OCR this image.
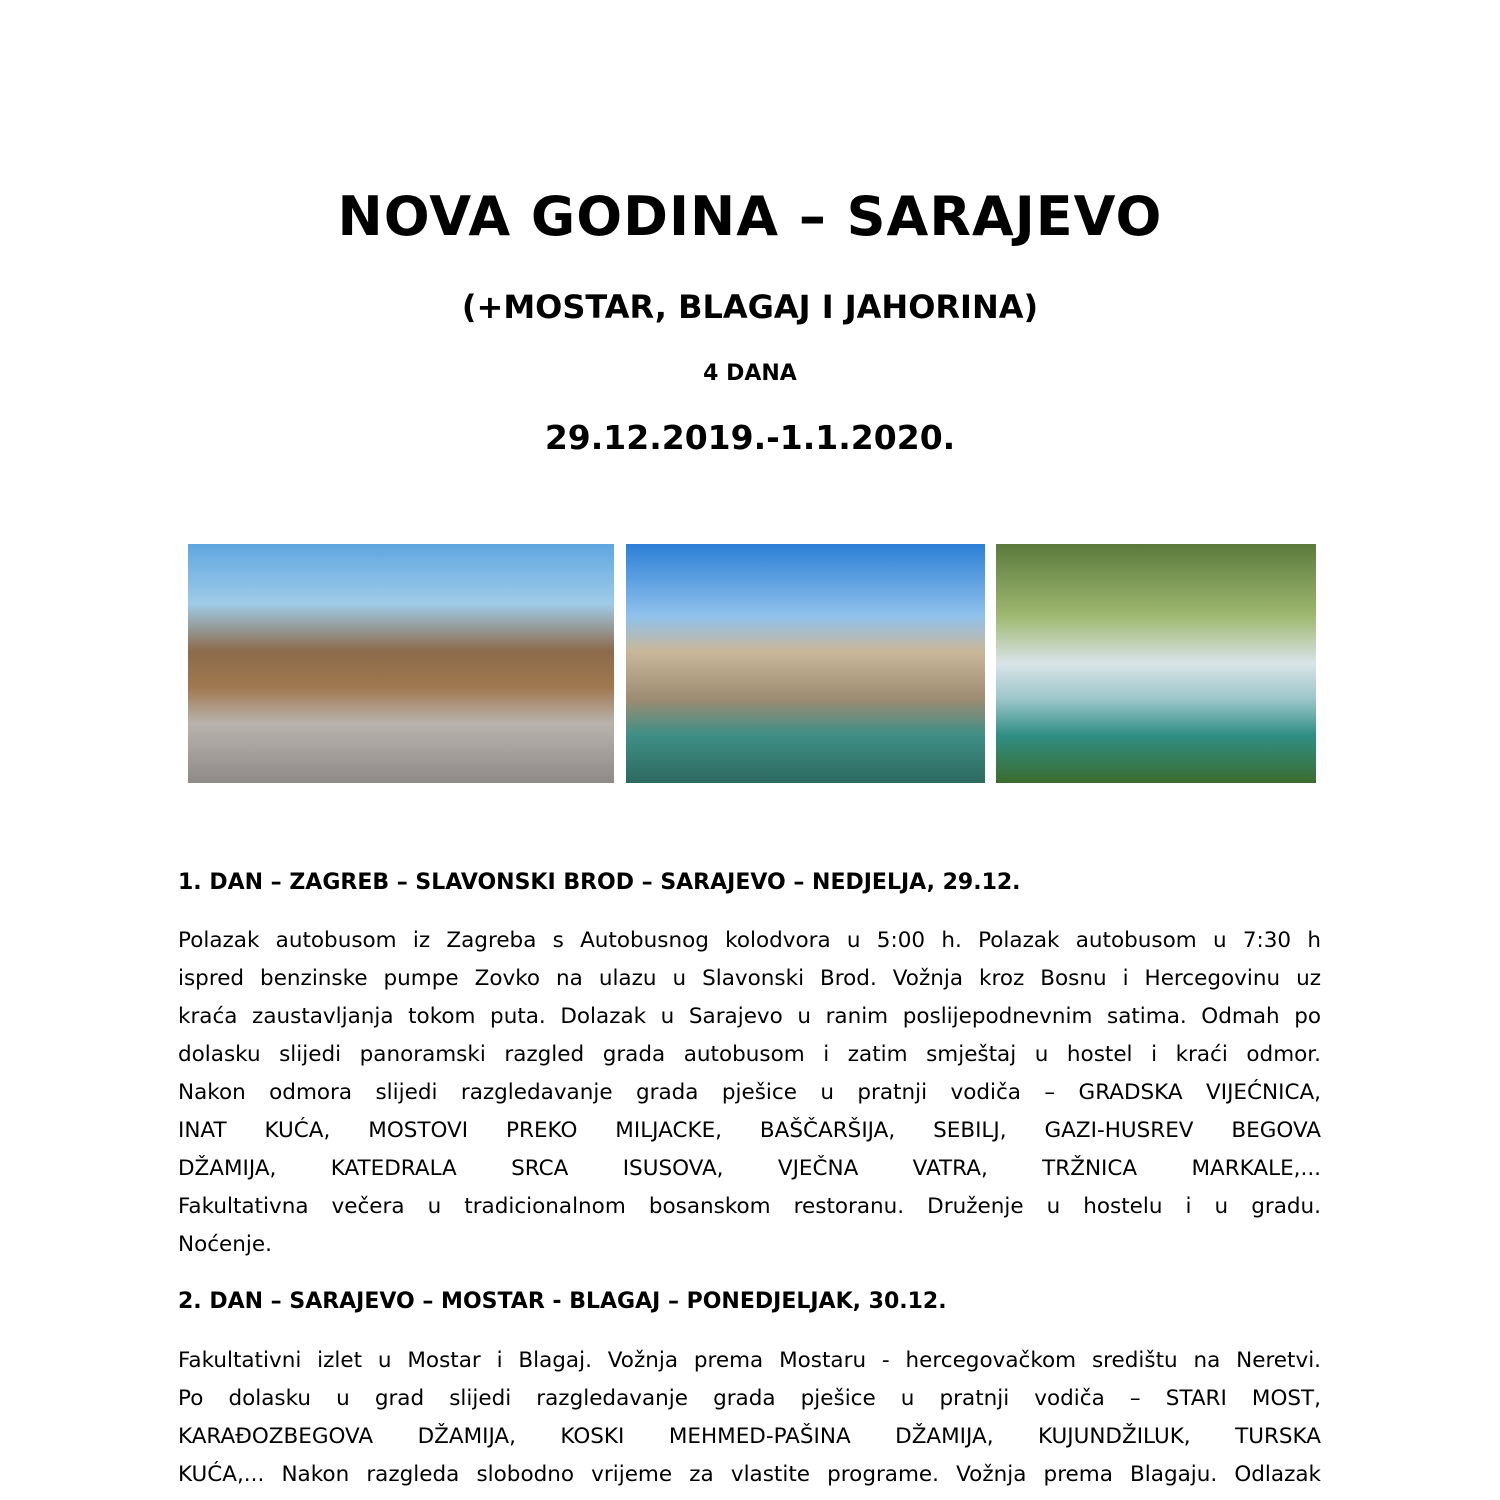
NOVA GODINA – SARAJEVO
(+MOSTAR, BLAGAJ I JAHORINA)
4 DANA
29.12.2019.-1.1.2020.
1. DAN – ZAGREB – SLAVONSKI BROD – SARAJEVO – NEDJELJA, 29.12.
Polazak autobusom iz Zagreba s Autobusnog kolodvora u 5:00 h. Polazak autobusom u 7:30 h
ispred benzinske pumpe Zovko na ulazu u Slavonski Brod. Vožnja kroz Bosnu i Hercegovinu uz
kraća zaustavljanja tokom puta. Dolazak u Sarajevo u ranim poslijepodnevnim satima. Odmah po
dolasku slijedi panoramski razgled grada autobusom i zatim smještaj u hostel i kraći odmor.
Nakon odmora slijedi razgledavanje grada pješice u pratnji vodiča – GRADSKA VIJEĆNICA,
INAT KUĆA, MOSTOVI PREKO MILJACKE, BAŠČARŠIJA, SEBILJ, GAZI-HUSREV BEGOVA
DŽAMIJA, KATEDRALA SRCA ISUSOVA, VJEČNA VATRA, TRŽNICA MARKALE,...
Fakultativna večera u tradicionalnom bosanskom restoranu. Druženje u hostelu i u gradu.
Noćenje.
2. DAN – SARAJEVO – MOSTAR - BLAGAJ – PONEDJELJAK, 30.12.
Fakultativni izlet u Mostar i Blagaj. Vožnja prema Mostaru - hercegovačkom središtu na Neretvi.
Po dolasku u grad slijedi razgledavanje grada pješice u pratnji vodiča – STARI MOST,
KARAĐOZBEGOVA DŽAMIJA, KOSKI MEHMED-PAŠINA DŽAMIJA, KUJUNDŽILUK, TURSKA
KUĆA,... Nakon razgleda slobodno vrijeme za vlastite programe. Vožnja prema Blagaju. Odlazak
